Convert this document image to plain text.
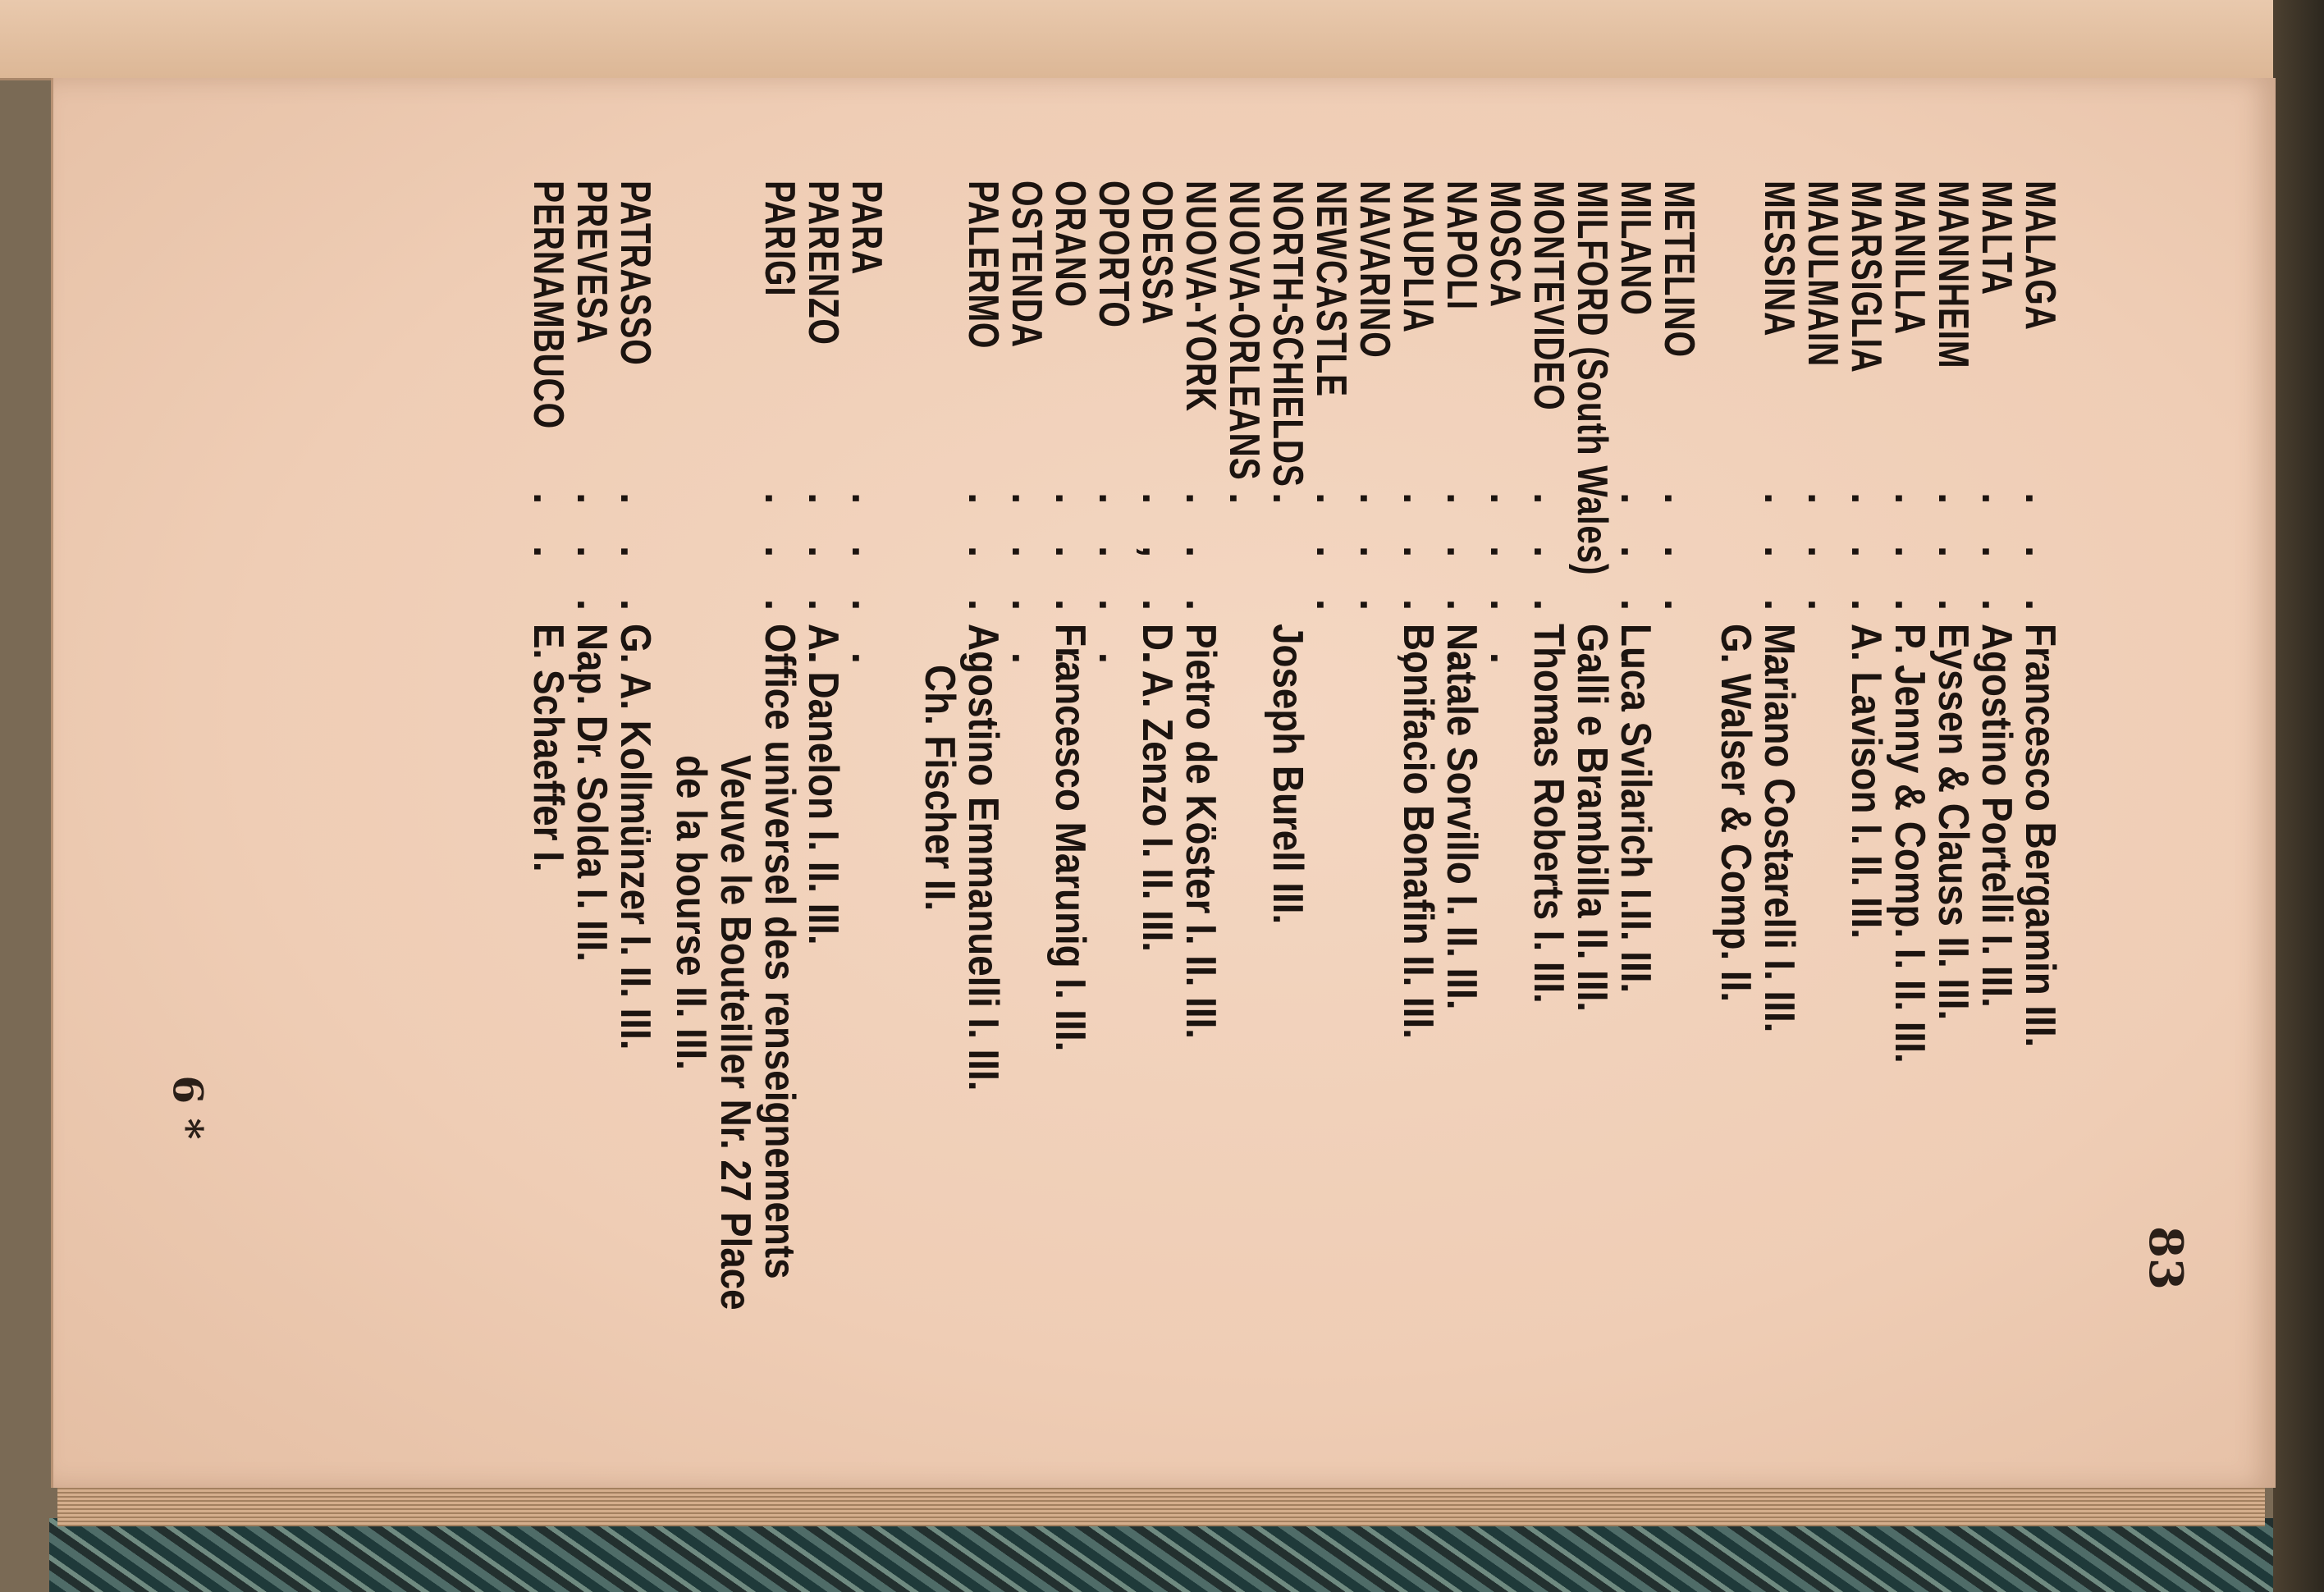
MALAGA
. . .
Francesco Bergamin III.
MALTA
. . .
Agostino Portelli I. III.
MANNHEIM
. . .
Eyssen & Clauss II. III.
MANILLA
. . .
P. Jenny & Comp. I. II. III.
MARSIGLIA
. . .
A. Lavison I. II. III.
MAULMAIN
. . .
MESSINA
. . . .
Mariano Costarelli I. III.
G. Walser & Comp. II.
METELINO
. . .
MILANO
. . . .
Luca Svilarich I.II. III.
MILFORD (South Wales)
Galli e Brambilla II. III.
MONTEVIDEO
. . .
Thomas Roberts I. III.
MOSCA
. . . .
NAPOLI
. . . .
Natale Sorvillo I. II. III.
NAUPLIA
. . . ,
Bonifacio Bonafin II. III.
NAVARINO
. . .
NEWCASTLE
. . .
NORTH-SCHIELDS
.
Joseph Burell III.
NUOVA-ORLEANS
.
NUOVA-YORK
. . .
Pietro de Köster I. II. III.
ODESSA
. , . .
D. A. Zenzo I. II. III.
OPORTO
. . . .
ORANO
. . . .
Francesco Marunig I. III.
OSTENDA
. . . .
PALERMO
. . . .
Agostino Emmanuelli I. III.
Ch. Fischer II.
PARA
. . . .
PARENZO
. . . .
A. Danelon I. II. III.
PARIGI
. . . .
Office universel des renseignements
Veuve le Bouteiller Nr. 27 Place
de la bourse II. III.
PATRASSO
. . .
G. A. Kollmünzer I. II. III.
PREVESA
. . .
Nap. Dr. Solda I. III.
PERNAMBUCO
. .
E. Schaeffer I.
83
6 *
